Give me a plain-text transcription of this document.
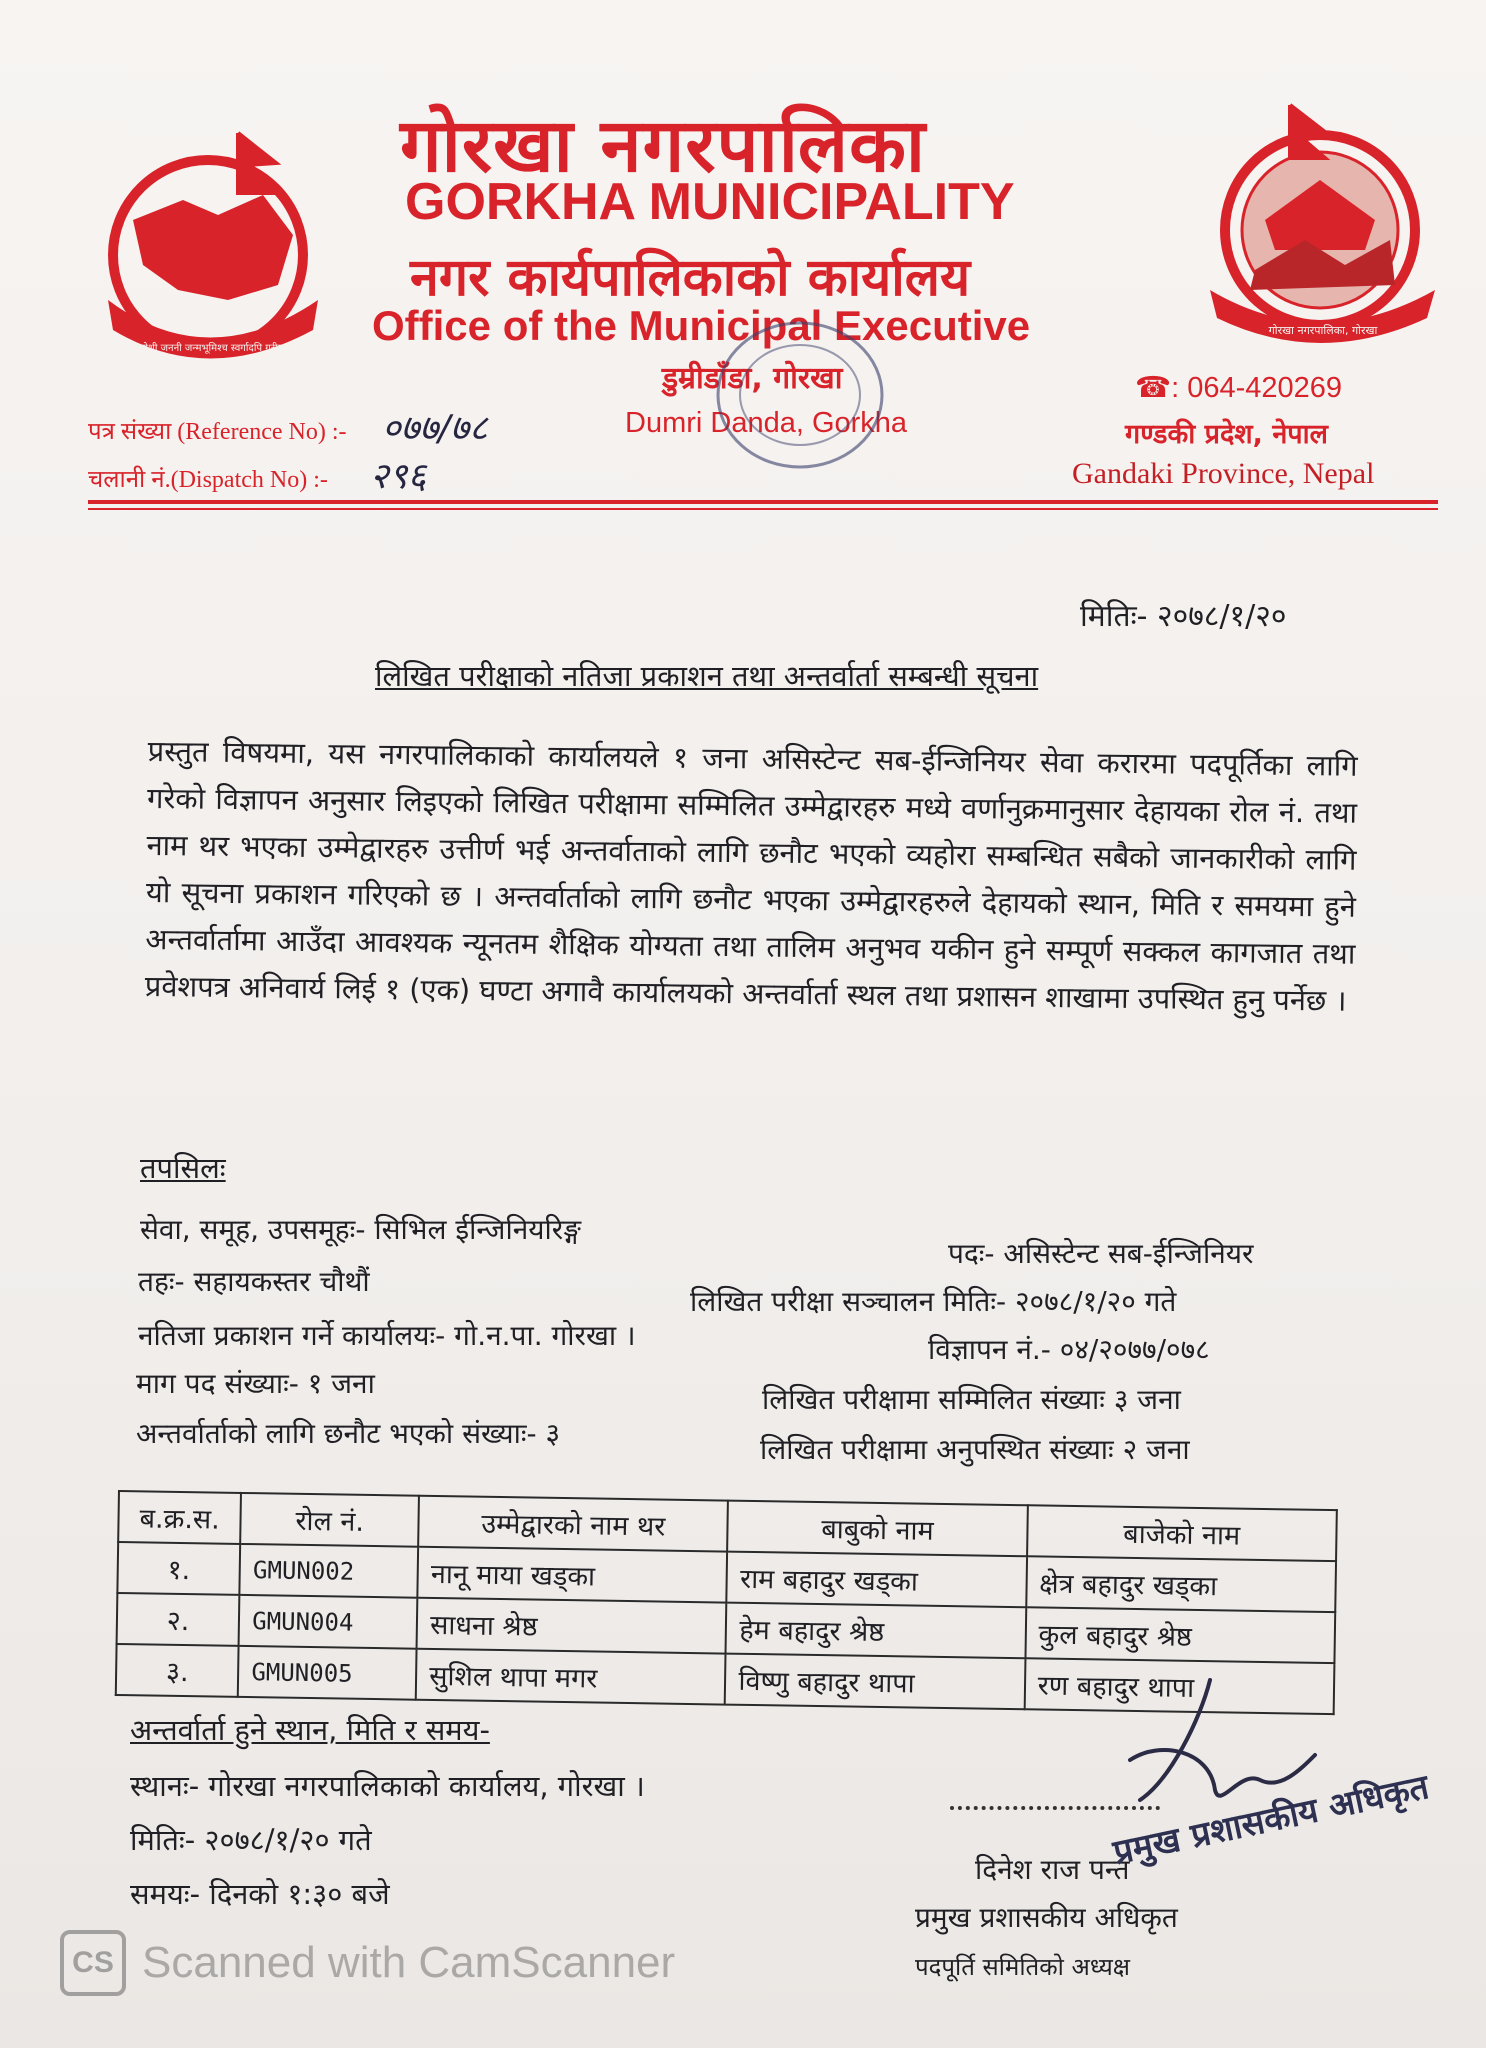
स्वदेशी जननी जन्मभूमिश्च स्वर्गादपि गरीयसी
गोरखा नगरपालिका, गोरखा
गोरखा नगरपालिका
GORKHA MUNICIPALITY
नगर कार्यपालिकाको कार्यालय
Office of the Municipal Executive
डुम्रीडाँडा, गोरखा
Dumri Danda, Gorkha
☎: 064-420269
गण्डकी प्रदेश, नेपाल
Gandaki Province, Nepal
पत्र संख्या (Reference No) :- ०७७/७८
चलानी नं.(Dispatch No) :- २९६
मितिः- २०७८/१/२०
लिखित परीक्षाको नतिजा प्रकाशन तथा अन्तर्वार्ता सम्बन्धी सूचना
प्रस्तुत विषयमा, यस नगरपालिकाको कार्यालयले १ जना असिस्टेन्ट सब-ईन्जिनियर सेवा करारमा पदपूर्तिका लागि गरेको विज्ञापन अनुसार लिइएको लिखित परीक्षामा सम्मिलित उम्मेद्वारहरु मध्ये वर्णानुक्रमानुसार देहायका रोल नं. तथा नाम थर भएका उम्मेद्वारहरु उत्तीर्ण भई अन्तर्वाताको लागि छनौट भएको व्यहोरा सम्बन्धित सबैको जानकारीको लागि यो सूचना प्रकाशन गरिएको छ । अन्तर्वार्ताको लागि छनौट भएका उम्मेद्वारहरुले देहायको स्थान, मिति र समयमा हुने अन्तर्वार्तामा आउँदा आवश्यक न्यूनतम शैक्षिक योग्यता तथा तालिम अनुभव यकीन हुने सम्पूर्ण सक्कल कागजात तथा प्रवेशपत्र अनिवार्य लिई १ (एक) घण्टा अगावै कार्यालयको अन्तर्वार्ता स्थल तथा प्रशासन शाखामा उपस्थित हुनु पर्नेछ ।
तपसिलः
सेवा, समूह, उपसमूहः- सिभिल ईन्जिनियरिङ्ग
पदः- असिस्टेन्ट सब-ईन्जिनियर
तहः- सहायकस्तर चौथौं
लिखित परीक्षा सञ्चालन मितिः- २०७८/१/२० गते
नतिजा प्रकाशन गर्ने कार्यालयः- गो.न.पा. गोरखा ।	विज्ञापन नं.- ०४/२०७७/०७८
माग पद संख्याः- १ जना	लिखित परीक्षामा सम्मिलित संख्याः ३ जना
अन्तर्वार्ताको लागि छनौट भएको संख्याः- ३	लिखित परीक्षामा अनुपस्थित संख्याः २ जना
ब.क्र.स.	रोल नं.	उम्मेद्वारको नाम थर	बाबुको नाम	बाजेको नाम
१.	GMUN002	नानू माया खड्का	राम बहादुर खड्का	क्षेत्र बहादुर खड्का
२.	GMUN004	साधना श्रेष्ठ	हेम बहादुर श्रेष्ठ	कुल बहादुर श्रेष्ठ
३.	GMUN005	सुशिल थापा मगर	विष्णु बहादुर थापा	रण बहादुर थापा
अन्तर्वार्ता हुने स्थान, मिति र समय-
स्थानः- गोरखा नगरपालिकाको कार्यालय, गोरखा ।
मितिः- २०७८/१/२० गते
समयः- दिनको १:३० बजे
दिनेश राज पन्त
प्रमुख प्रशासकीय अधिकृत
पदपूर्ति समितिको अध्यक्ष
प्रमुख प्रशासकीय अधिकृत
CS Scanned with CamScanner
